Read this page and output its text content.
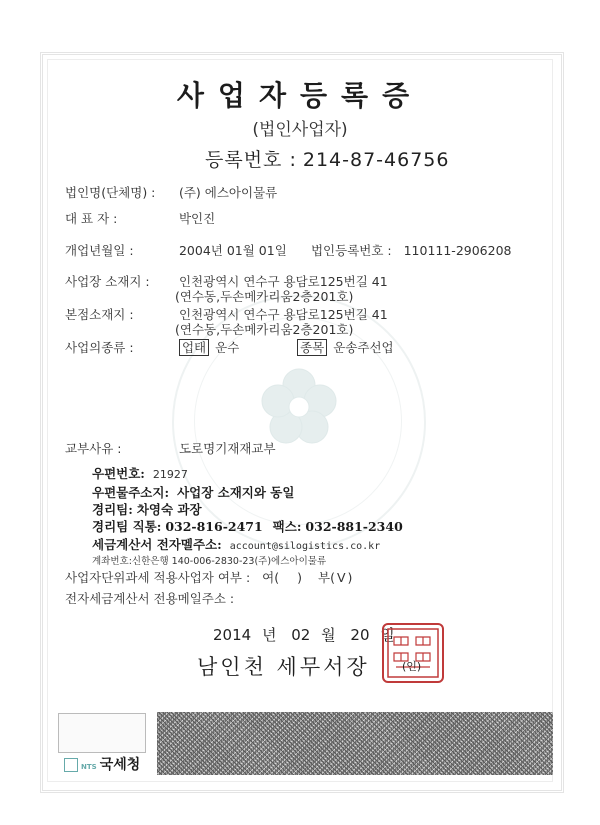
사업자등록증
(법인사업자)
등록번호 : 214-87-46756
법인명(단체명) : (주) 에스아이물류
대 표 자 :	박인진
개업년월일 :	2004년 01월 01일 법인등록번호 : 110111-2906208
사업장 소재지 : 인천광역시 연수구 용담로125번길 41
(연수동,두손메카리움2층201호)
본점소재지 :	인천광역시 연수구 용담로125번길 41
(연수동,두손메카리움2층201호)
사업의종류 :	업태 운수	종목 운송주선업
교부사유 :	도로명기재재교부
우편번호: 21927
우편물주소지: 사업장 소재지와 동일
경리팀: 차영숙 과장
경리팀 직통: 032-816-2471 팩스: 032-881-2340
세금계산서 전자멜주소: account@silogistics.co.kr
계좌번호:신한은행 140-006-2830-23(주)에스아이물류
사업자단위과세 적용사업자 여부 : 여( ) 부( V )
전자세금계산서 전용메일주소 :
2014 년 02 월 20 일
남인천 세무서장	(인)
NTS 국세청
